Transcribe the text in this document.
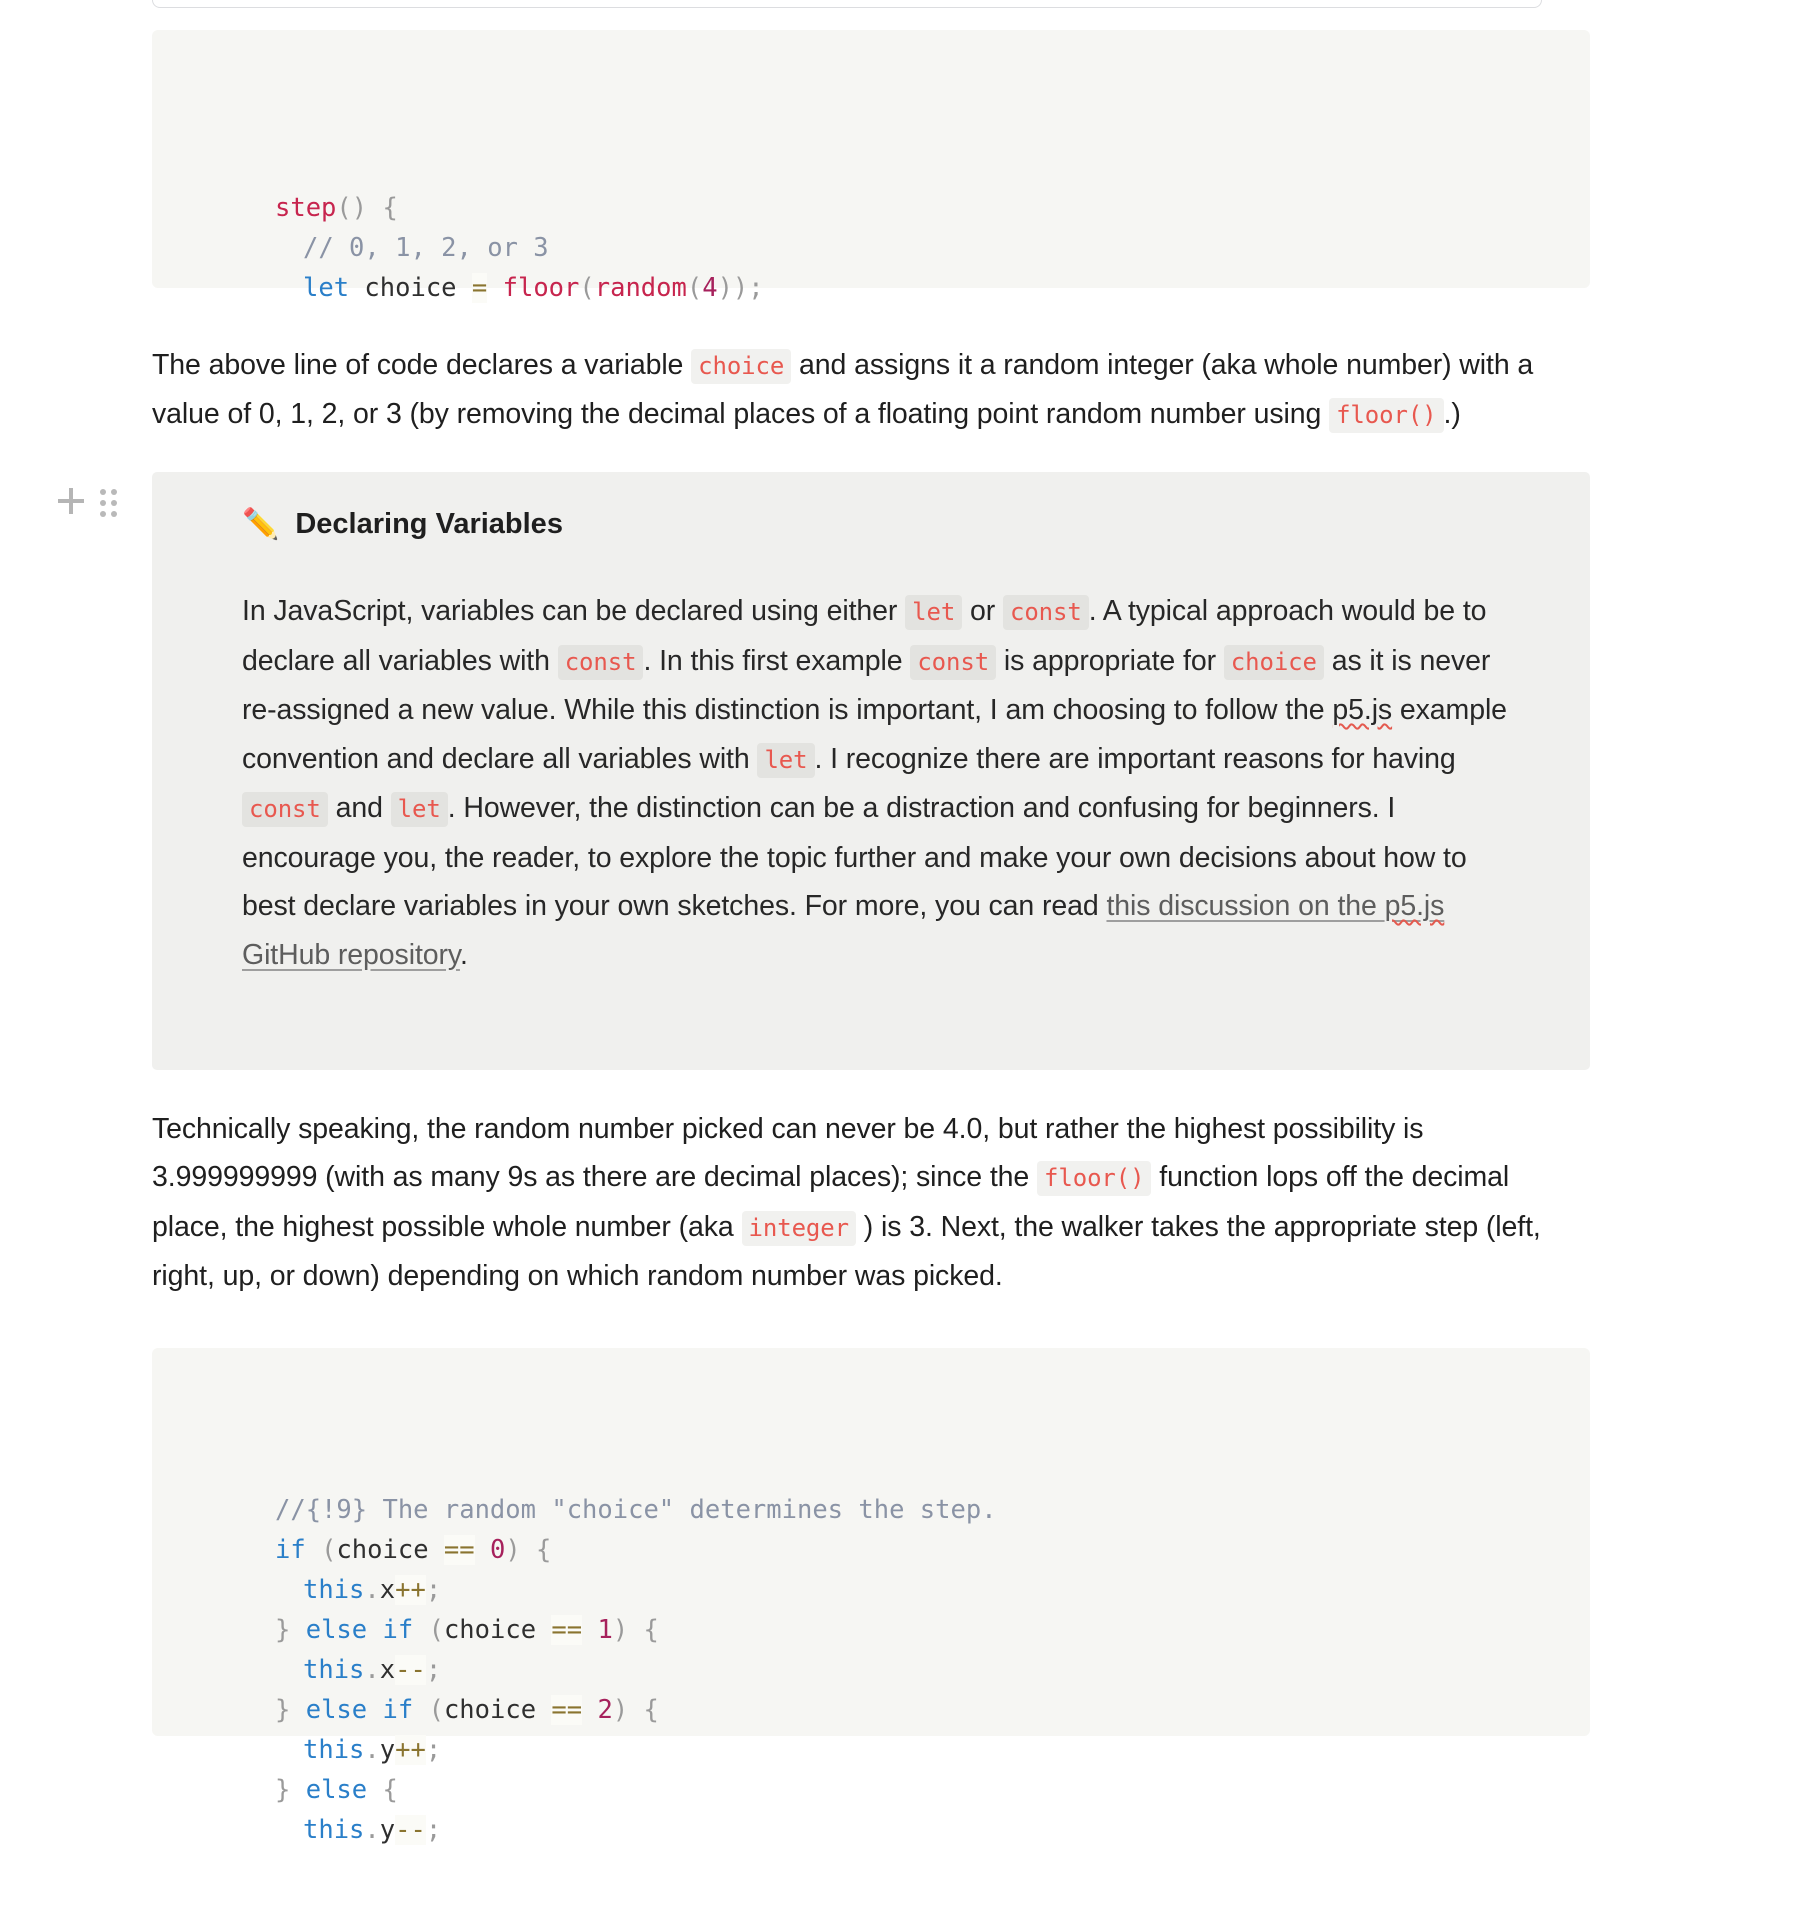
step() {
// 0, 1, 2, or 3
let choice = floor(random(4));

The above line of code declares a variable choice and assigns it a random integer (aka whole number) with a value of 0, 1, 2, or 3 (by removing the decimal places of a floating point random number using floor() .)

✏️ Declaring Variables
In JavaScript, variables can be declared using either let or const . A typical approach would be to declare all variables with const . In this first example const is appropriate for choice as it is never re-assigned a new value. While this distinction is important, I am choosing to follow the p5.js example convention and declare all variables with let . I recognize there are important reasons for having const and let . However, the distinction can be a distraction and confusing for beginners. I encourage you, the reader, to explore the topic further and make your own decisions about how to best declare variables in your own sketches. For more, you can read this discussion on the p5.js GitHub repository.

Technically speaking, the random number picked can never be 4.0, but rather the highest possibility is 3.999999999 (with as many 9s as there are decimal places); since the floor() function lops off the decimal place, the highest possible whole number (aka integer ) is 3. Next, the walker takes the appropriate step (left, right, up, or down) depending on which random number was picked.

//{!9} The random "choice" determines the step.
if (choice == 0) {
this.x++;
} else if (choice == 1) {
this.x--;
} else if (choice == 2) {
this.y++;
} else {
this.y--;
